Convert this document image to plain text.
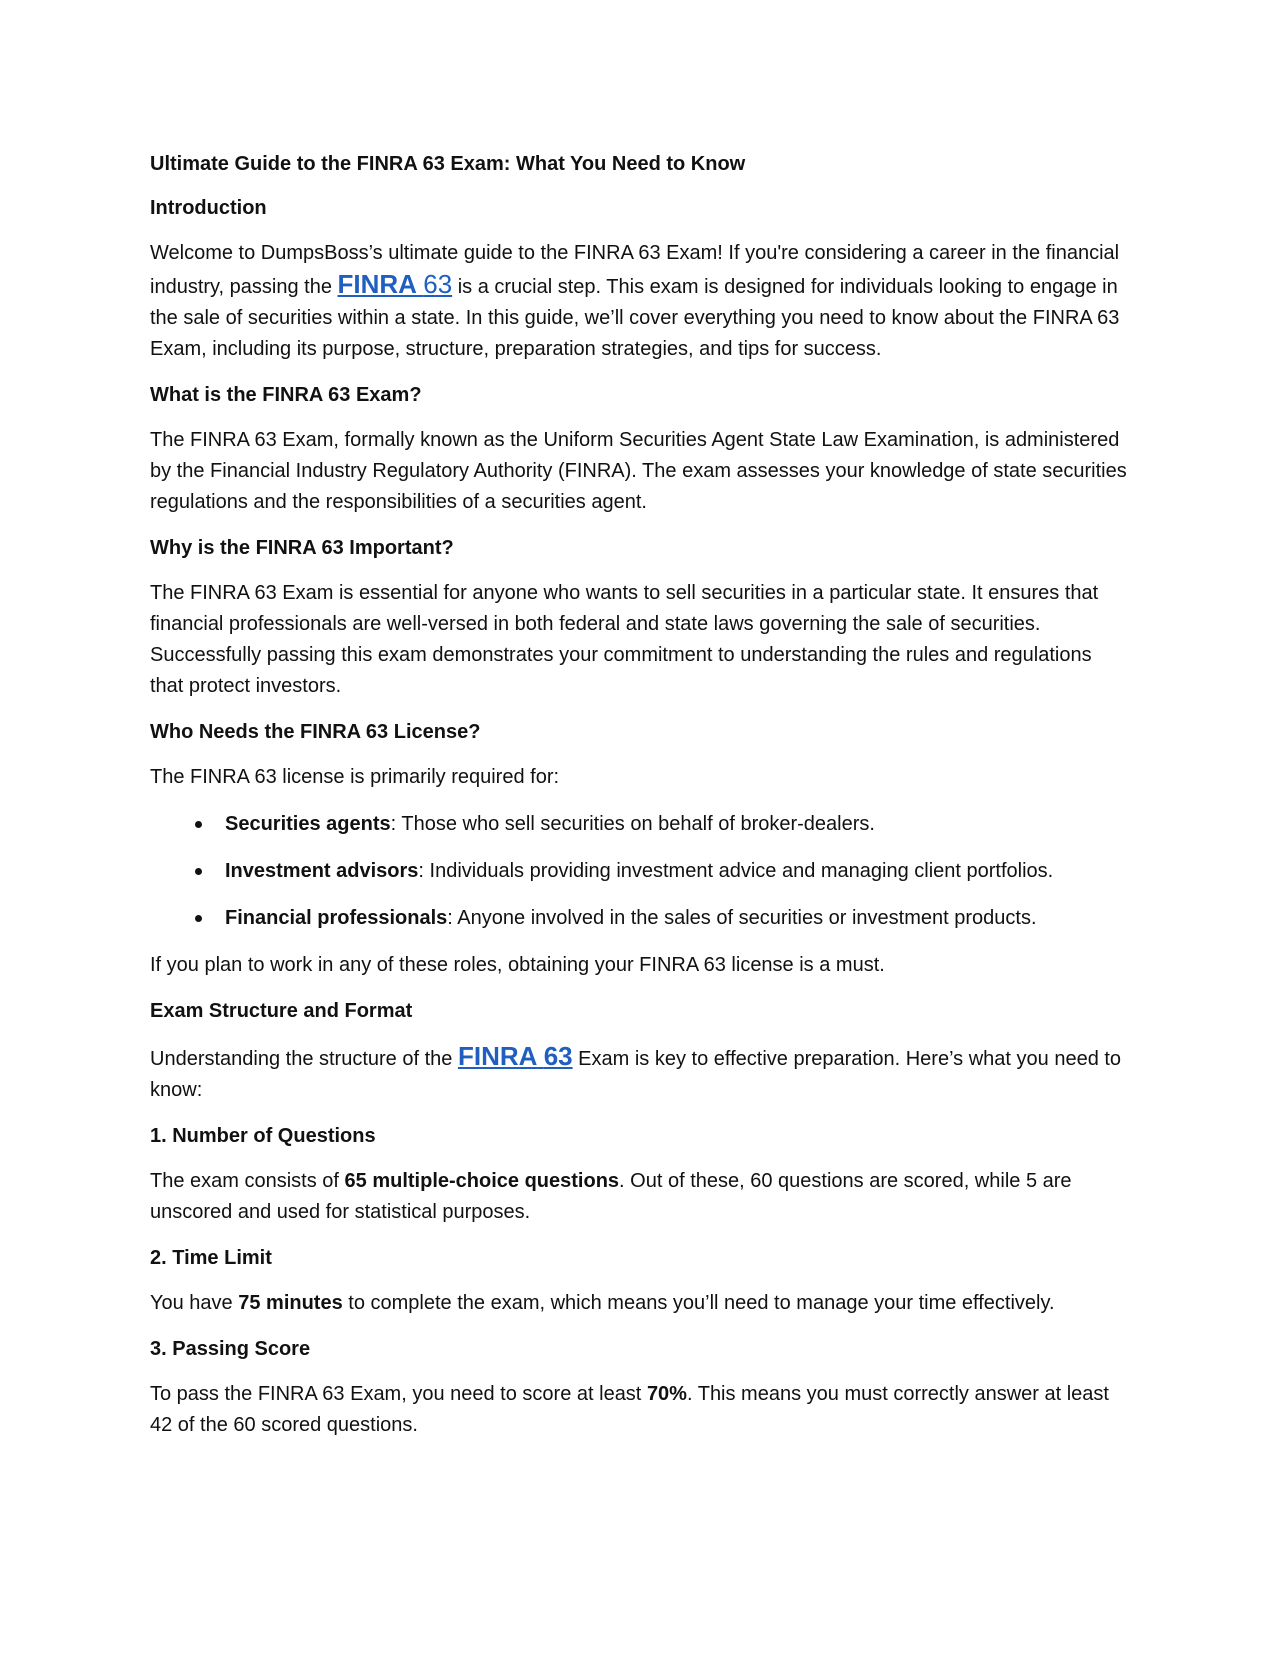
Ultimate Guide to the FINRA 63 Exam: What You Need to Know
Introduction

Welcome to DumpsBoss’s ultimate guide to the FINRA 63 Exam! If you're considering a career in the financial industry, passing the FINRA 63 is a crucial step. This exam is designed for individuals looking to engage in the sale of securities within a state. In this guide, we’ll cover everything you need to know about the FINRA 63 Exam, including its purpose, structure, preparation strategies, and tips for success.

What is the FINRA 63 Exam?

The FINRA 63 Exam, formally known as the Uniform Securities Agent State Law Examination, is administered by the Financial Industry Regulatory Authority (FINRA). The exam assesses your knowledge of state securities regulations and the responsibilities of a securities agent.

Why is the FINRA 63 Important?

The FINRA 63 Exam is essential for anyone who wants to sell securities in a particular state. It ensures that financial professionals are well-versed in both federal and state laws governing the sale of securities. Successfully passing this exam demonstrates your commitment to understanding the rules and regulations that protect investors.

Who Needs the FINRA 63 License?

The FINRA 63 license is primarily required for:

Securities agents: Those who sell securities on behalf of broker-dealers.
Investment advisors: Individuals providing investment advice and managing client portfolios.
Financial professionals: Anyone involved in the sales of securities or investment products.

If you plan to work in any of these roles, obtaining your FINRA 63 license is a must.

Exam Structure and Format

Understanding the structure of the FINRA 63 Exam is key to effective preparation. Here’s what you need to know:

1. Number of Questions

The exam consists of 65 multiple-choice questions. Out of these, 60 questions are scored, while 5 are unscored and used for statistical purposes.

2. Time Limit

You have 75 minutes to complete the exam, which means you’ll need to manage your time effectively.

3. Passing Score

To pass the FINRA 63 Exam, you need to score at least 70%. This means you must correctly answer at least 42 of the 60 scored questions.
